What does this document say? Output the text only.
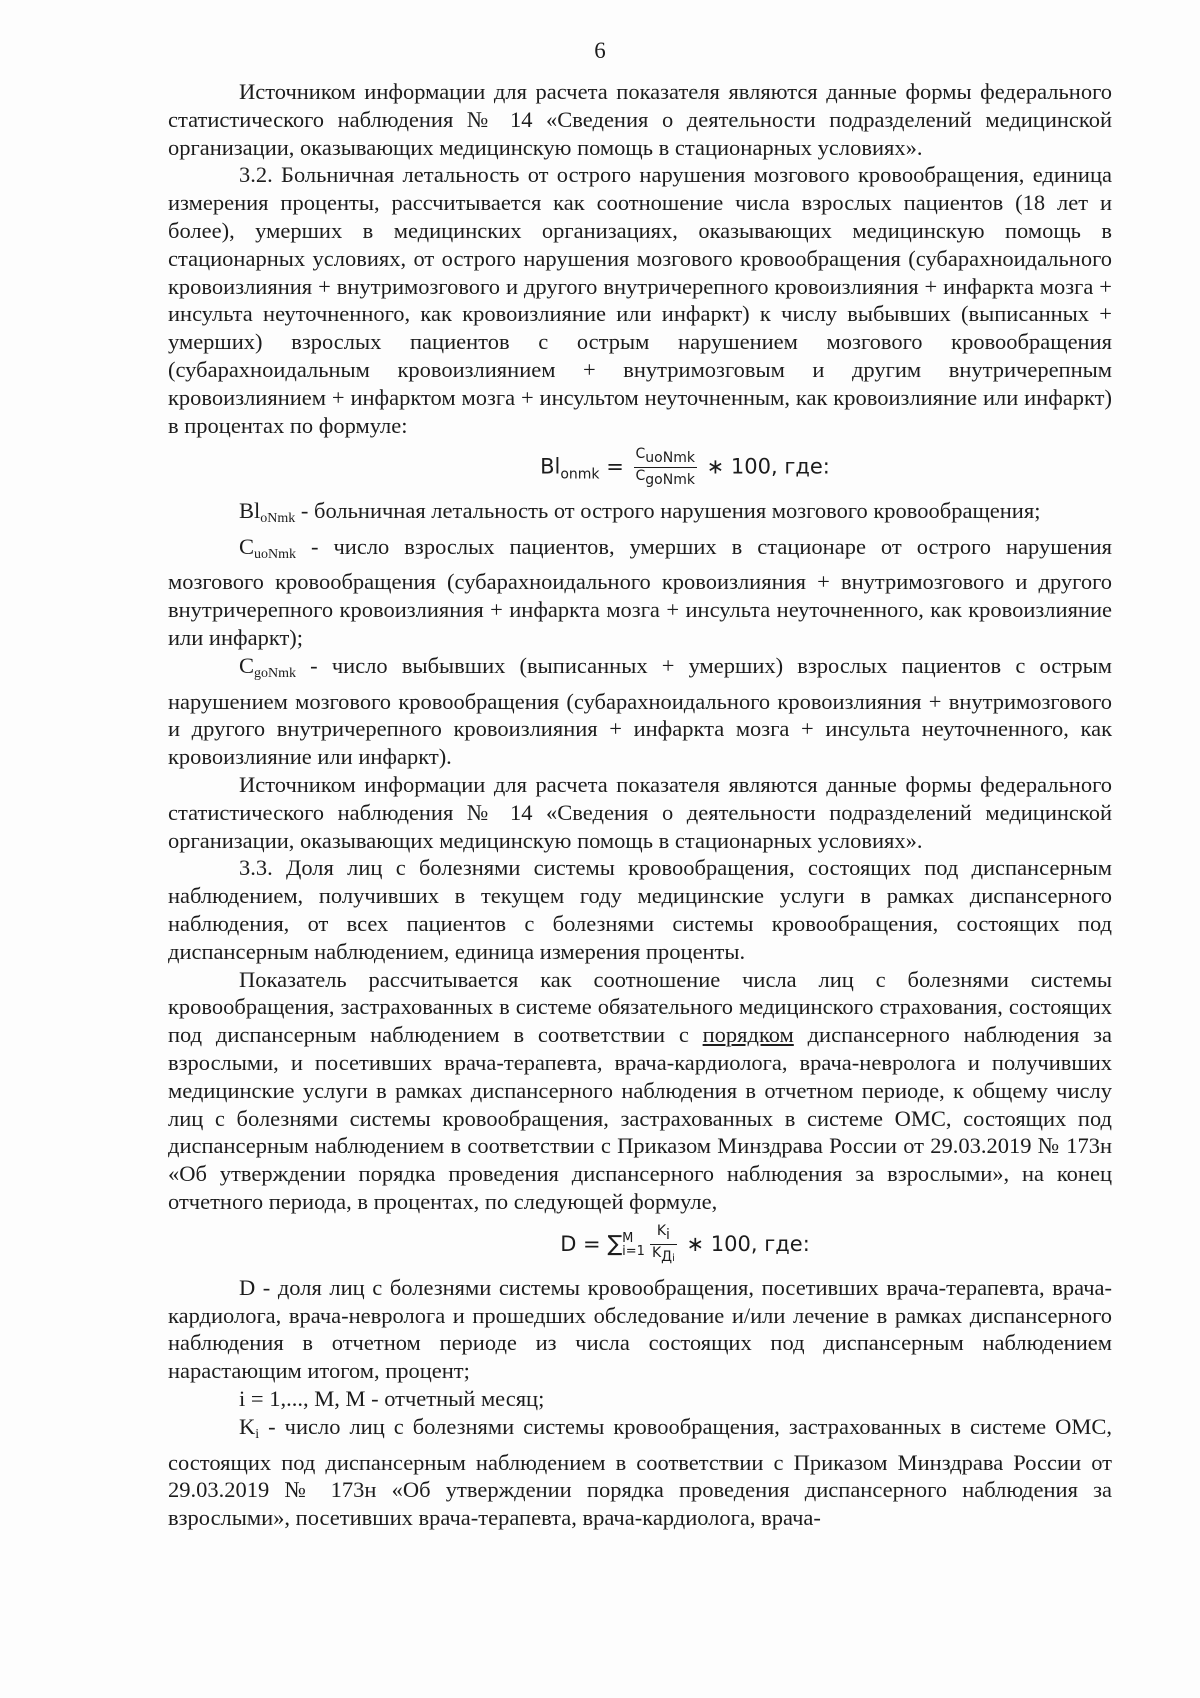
6

Источником информации для расчета показателя являются данные формы федерального статистического наблюдения № 14 «Сведения о деятельности подразделений медицинской организации, оказывающих медицинскую помощь в стационарных условиях».

3.2. Больничная летальность от острого нарушения мозгового кровообращения, единица измерения проценты, рассчитывается как соотношение числа взрослых пациентов (18 лет и более), умерших в медицинских организациях, оказывающих медицинскую помощь в стационарных условиях, от острого нарушения мозгового кровообращения (субарахноидального кровоизлияния + внутримозгового и другого внутричерепного кровоизлияния + инфаркта мозга + инсульта неуточненного, как кровоизлияние или инфаркт) к числу выбывших (выписанных + умерших) взрослых пациентов с острым нарушением мозгового кровообращения (субарахноидальным кровоизлиянием + внутримозговым и другим внутричерепным кровоизлиянием + инфарктом мозга + инсультом неуточненным, как кровоизлияние или инфаркт) в процентах по формуле:

$Bl_{onmk} = \frac{\text{CuoNmk}}{\text{CgoNmk}}$ ∗ 100, где:

BloNmk - больничная летальность от острого нарушения мозгового кровообращения;

CuoNmk - число взрослых пациентов, умерших в стационаре от острого нарушения мозгового кровообращения (субарахноидального кровоизлияния + внутримозгового и другого внутричерепного кровоизлияния + инфаркта мозга + инсульта неуточненного, как кровоизлияние или инфаркт);

CgoNmk - число выбывших (выписанных + умерших) взрослых пациентов с острым нарушением мозгового кровообращения (субарахноидального кровоизлияния + внутримозгового и другого внутричерепного кровоизлияния + инфаркта мозга + инсульта неуточненного, как кровоизлияние или инфаркт).

Источником информации для расчета показателя являются данные формы федерального статистического наблюдения № 14 «Сведения о деятельности подразделений медицинской организации, оказывающих медицинскую помощь в стационарных условиях».

3.3. Доля лиц с болезнями системы кровообращения, состоящих под диспансерным наблюдением, получивших в текущем году медицинские услуги в рамках диспансерного наблюдения, от всех пациентов с болезнями системы кровообращения, состоящих под диспансерным наблюдением, единица измерения проценты.

Показатель рассчитывается как соотношение числа лиц с болезнями системы кровообращения, застрахованных в системе обязательного медицинского страхования, состоящих под диспансерным наблюдением в соответствии с порядком диспансерного наблюдения за взрослыми, и посетивших врача-терапевта, врача-кардиолога, врача-невролога и получивших медицинские услуги в рамках диспансерного наблюдения в отчетном периоде, к общему числу лиц с болезнями системы кровообращения, застрахованных в системе ОМС, состоящих под диспансерным наблюдением в соответствии с Приказом Минздрава России от 29.03.2019 № 173н «Об утверждении порядка проведения диспансерного наблюдения за взрослыми», на конец отчетного периода, в процентах, по следующей формуле,

D = ∑ M
$i=1 \frac{Ki}{\text{KДi}}$ ∗ 100, где:

D - доля лиц с болезнями системы кровообращения, посетивших врача-терапевта, врача-кардиолога, врача-невролога и прошедших обследование и/или лечение в рамках диспансерного наблюдения в отчетном периоде из числа состоящих под диспансерным наблюдением нарастающим итогом, процент;

i = 1,..., M, M - отчетный месяц;

Ki - число лиц с болезнями системы кровообращения, застрахованных в системе ОМС, состоящих под диспансерным наблюдением в соответствии с Приказом Минздрава России от 29.03.2019 № 173н «Об утверждении порядка проведения диспансерного наблюдения за взрослыми», посетивших врача-терапевта, врача-кардиолога, врача-
